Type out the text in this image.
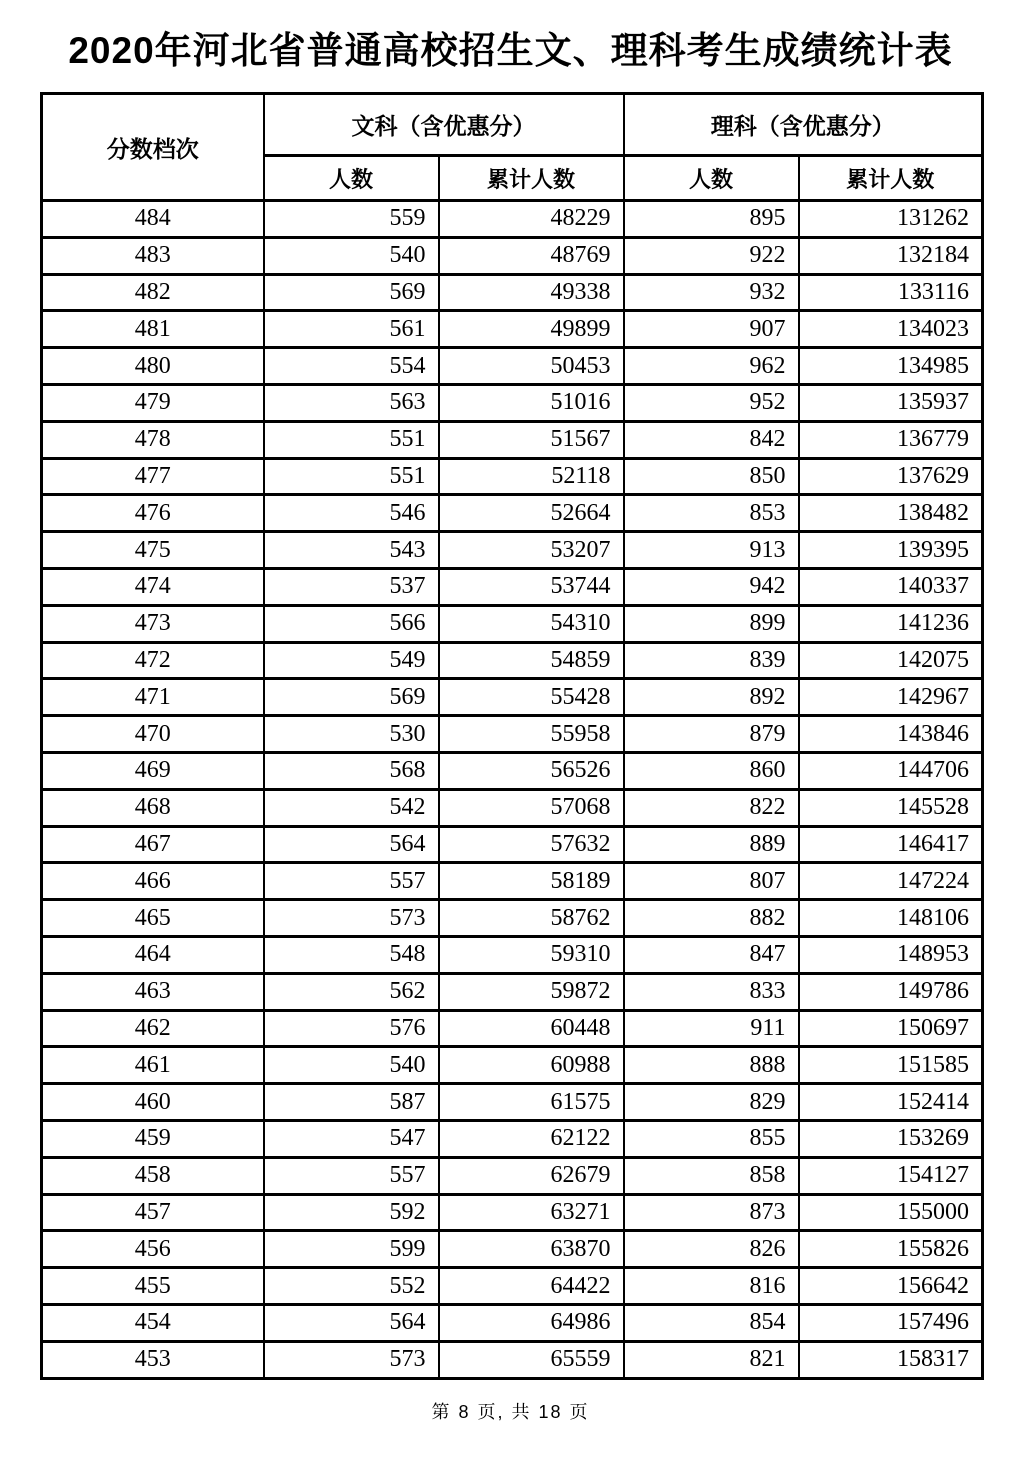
2020年河北省普通高校招生文、理科考生成绩统计表
分数档次	文科（含优惠分）		理科（含优惠分）	
	人数	累计人数	人数	累计人数
484	559	48229	895	131262
483	540	48769	922	132184
482	569	49338	932	133116
481	561	49899	907	134023
480	554	50453	962	134985
479	563	51016	952	135937
478	551	51567	842	136779
477	551	52118	850	137629
476	546	52664	853	138482
475	543	53207	913	139395
474	537	53744	942	140337
473	566	54310	899	141236
472	549	54859	839	142075
471	569	55428	892	142967
470	530	55958	879	143846
469	568	56526	860	144706
468	542	57068	822	145528
467	564	57632	889	146417
466	557	58189	807	147224
465	573	58762	882	148106
464	548	59310	847	148953
463	562	59872	833	149786
462	576	60448	911	150697
461	540	60988	888	151585
460	587	61575	829	152414
459	547	62122	855	153269
458	557	62679	858	154127
457	592	63271	873	155000
456	599	63870	826	155826
455	552	64422	816	156642
454	564	64986	854	157496
453	573	65559	821	158317
第 8 页, 共 18 页
